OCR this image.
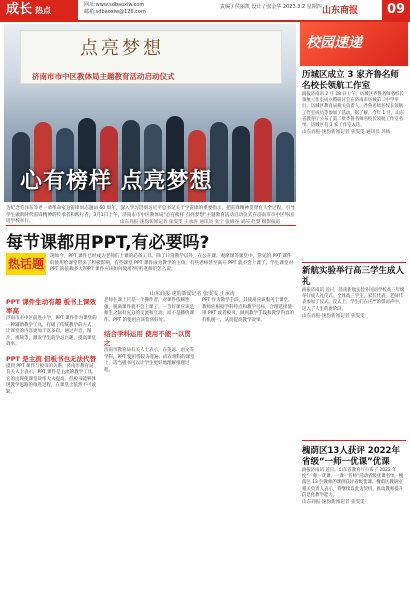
成长 热点
网址:www.sdbaoxiw.com
邮箱:sdbaoxiw@126.com
责编 / 侯丽凯 设计 / 张金华 2023.3.2 星期四 山东商报	09
点亮梦想
济南市市中区教体局主题教育活动启动仪式
心有榜样 点亮梦想
为纪念毛泽东等老一辈革命家为雷锋同志题词 60 周年，深入学习贯彻习近平总书记关于学雷锋的重要指示，把雷锋精神贯穿育人全过程，引导学生做新时代雷锋精神的传承者和践行者，3月1日上午，济南市市中区教体局“心有榜样 点亮梦想”主题教育活动启动仪式在济南市市中区外国语学校举行。	山东商报·速豹新闻记者 张雯雯 王承涛 通讯员 张宁 张修谷 刘莎 赵黎 摄影报道
每节课都用PPT,有必要吗?
热话题
现如今，PPT 课件已经成为老师们上课的必备工具。除了日常教学以外，在公开课、观摩课等课堂中，常见的 PPT 课件的使用给课堂带来了积极影响，有些课堂 PPT 课件成为教学的主角，有些老师甚至离开 PPT 就不会上课了。学生课堂对 PPT 的依赖多大?PPT 课件应该如何使用?听听老师们怎么说。
山东商报·速豹新闻记者 张雯雯 王承涛
PPT 课件生动有趣 板书上课效率高
济南市市中区前进小学，PPT 课件作为课堂的一种辅助教学工具，打破了传统教学的方式，让课堂的内容更加丰富多彩，通过声音、图片、视频等，激发学生的学习兴趣，提高课堂效率。
PPT 是主流 但板书也无法代替
提到 PPT 课件与板书的关系，济南市教育局有关人士表示，PPT 课件是主流的教学工具，它的出现使课堂效率大大提高。但板书能够体现教学思路的推进过程，在课堂上依然不可或缺。
老师在课上只是一个操作者，对课件依赖性强，脱离课件就不会上课了。一节好课应该是师生之间有充分的交流和互动，而不是播放课件。PPT 的使用应该恰到好处。
结合学科运用 使用不能一以贯之
济南市教育局有关人士表示，在英语、语文等学科，PPT 使用得较为普遍；而在理科的课堂上，适当板书可以让学生更好地理解推理过程。
PPT 作为教学手段，其使用应该服务于课堂。教师应根据学科特点和教学目标，合理选择使用 PPT 或者板书，做到教学手段和教学内容的有机统一，从而提高教学效果。
校园速递
历城区成立 3 家齐鲁名师名校长领航工作室
商报济南讯 2 月 28 日上午，历城区齐鲁名师名校长领航工作室成立暨研讨会在济南市历城第二中学举行。历城区教育局相关负责人、齐鲁名师名校长领航工作室成员等参加了活动。据了解，今年 1 月，山东省教育厅公布了第二批齐鲁名师名校长领航工作室名单，历城区有 3 家工作室入选。
山东商报·速豹新闻记者 张雯雯 通讯员 苏梅
新航实验举行高三学生成人礼
商报济南讯 近日，济南新航实验外国语学校高三年级举行成人礼仪式。全体高三学生、家长代表、老师代表参加了仪式。仪式上，学生们在庄严的誓词声中，迈入了人生的新阶段。
山东商报·速豹新闻记者 张雯雯
槐荫区13人获评 2022年省级“一师一优课”优课
商报济南讯 近日，山东省教育厅公布了 2022 年度“一师一优课、一课一名师”活动省级优课名单，槐荫区 13 位教师的课例获评省级优课。槐荫区教研室相关负责人表示，将继续以此为契机，推动教师提升信息化教学能力。
山东商报·速豹新闻记者 张雯雯
